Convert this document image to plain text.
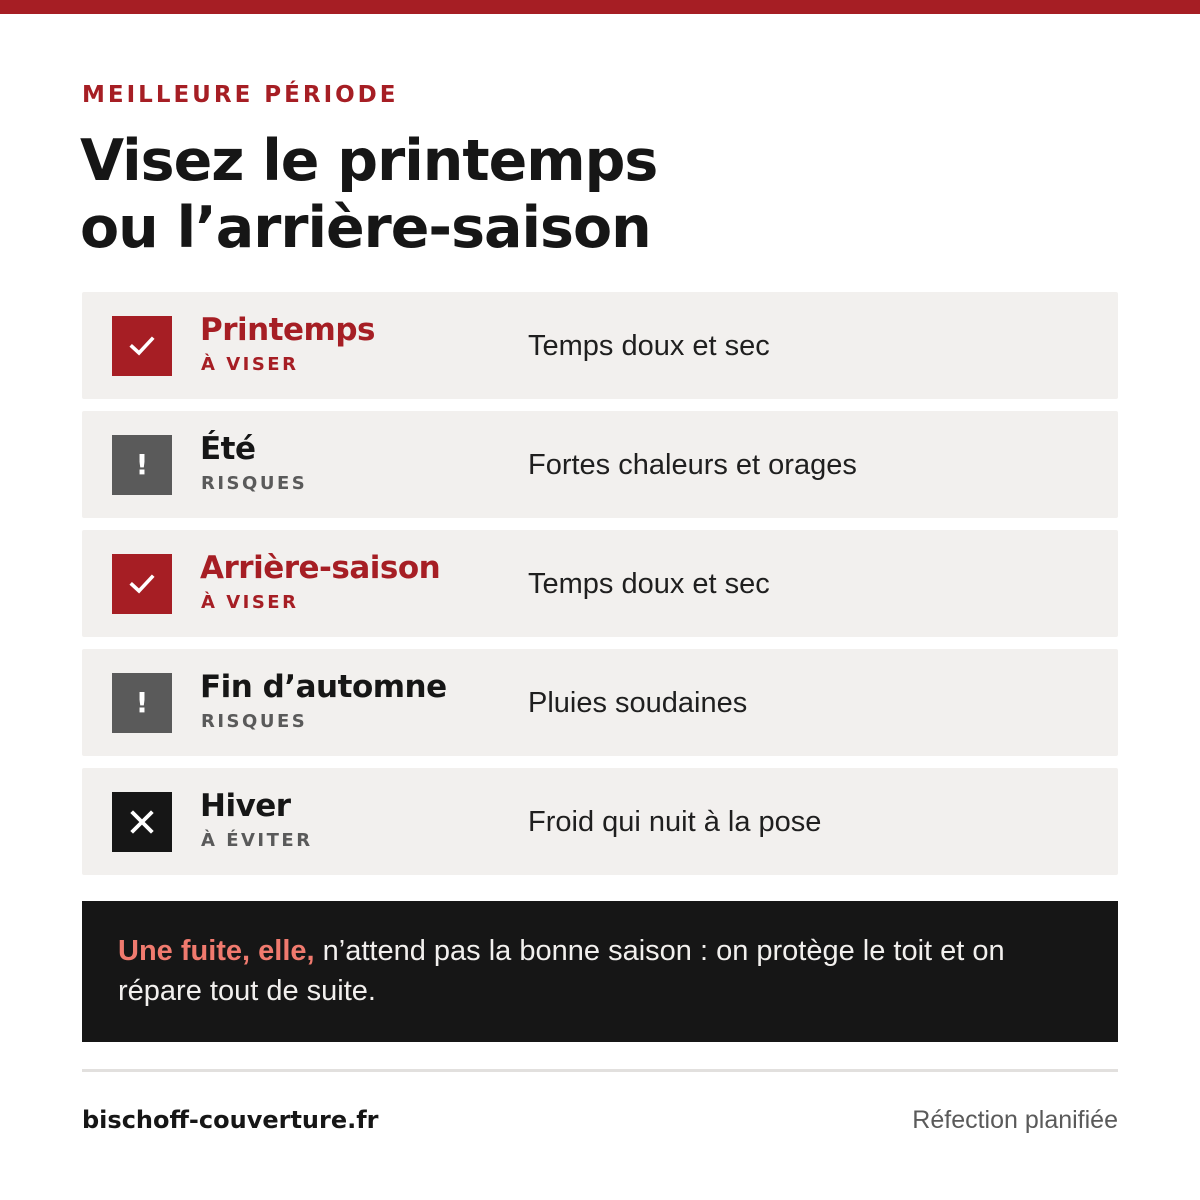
MEILLEURE PÉRIODE
Visez le printemps
ou l’arrière-saison
Printemps
À VISER
Temps doux et sec
! Été
RISQUES
Fortes chaleurs et orages
Arrière-saison
À VISER
Temps doux et sec
! Fin d’automne
RISQUES
Pluies soudaines
Hiver
À ÉVITER
Froid qui nuit à la pose
Une fuite, elle, n’attend pas la bonne saison : on protège le toit et on répare tout de suite.
bischoff-couverture.fr	Réfection planifiée
